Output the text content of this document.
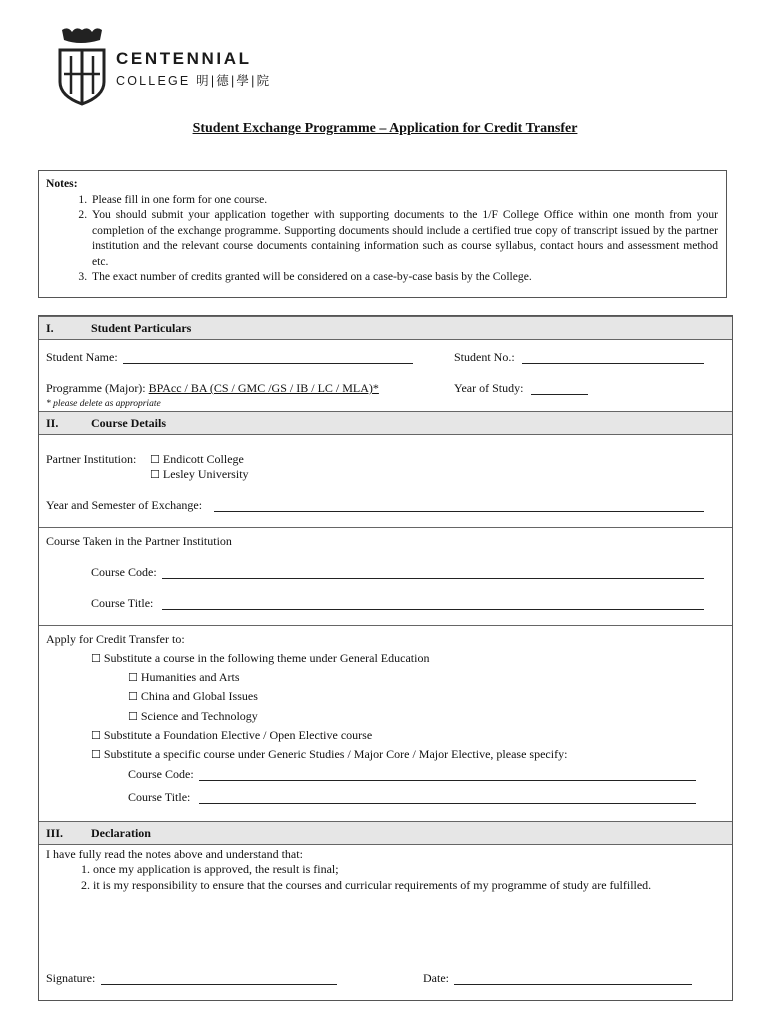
CENTENNIAL
COLLEGE 明|德|學|院
Student Exchange Programme – Application for Credit Transfer
Notes:
1. Please fill in one form for one course.
2. You should submit your application together with supporting documents to the 1/F College Office within one month from your completion of the exchange programme. Supporting documents should include a certified true copy of transcript issued by the partner institution and the relevant course documents containing information such as course syllabus, contact hours and assessment method etc.
3. The exact number of credits granted will be considered on a case-by-case basis by the College.
I.	Student Particulars
Student Name:	Student No.:
Programme (Major): BPAcc / BA (CS / GMC /GS / IB / LC / MLA)*	Year of Study:
* please delete as appropriate
II.	Course Details
Partner Institution: ☐ Endicott College
☐ Lesley University
Year and Semester of Exchange:
Course Taken in the Partner Institution
Course Code:
Course Title:
Apply for Credit Transfer to:
☐ Substitute a course in the following theme under General Education
☐ Humanities and Arts
☐ China and Global Issues
☐ Science and Technology
☐ Substitute a Foundation Elective / Open Elective course
☐ Substitute a specific course under Generic Studies / Major Core / Major Elective, please specify:
Course Code:
Course Title:
III. Declaration
I have fully read the notes above and understand that:
1. once my application is approved, the result is final;
2. it is my responsibility to ensure that the courses and curricular requirements of my programme of study are fulfilled.
Signature:	Date:
